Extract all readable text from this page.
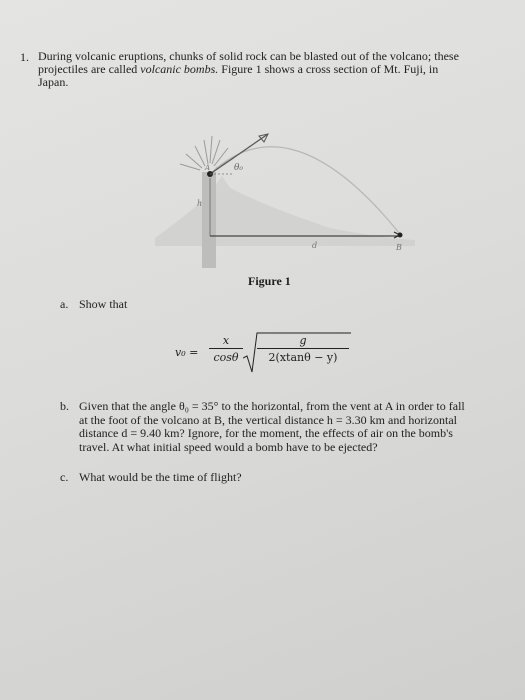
1. During volcanic eruptions, chunks of solid rock can be blasted out of the volcano; these
projectiles are called volcanic bombs. Figure 1 shows a cross section of Mt. Fuji, in
Japan.
θ₀
h
d	B
A
Figure 1
a. Show that
$v_0 = \frac{x}{\cos\theta} \frac{g}{2(xtan\theta - y)}$
b. Given that the angle θ₀ = 35° to the horizontal, from the vent at A in order to fall
at the foot of the volcano at B, the vertical distance h = 3.30 km and horizontal
distance d = 9.40 km? Ignore, for the moment, the effects of air on the bomb's
travel. At what initial speed would a bomb have to be ejected?
c. What would be the time of flight?
